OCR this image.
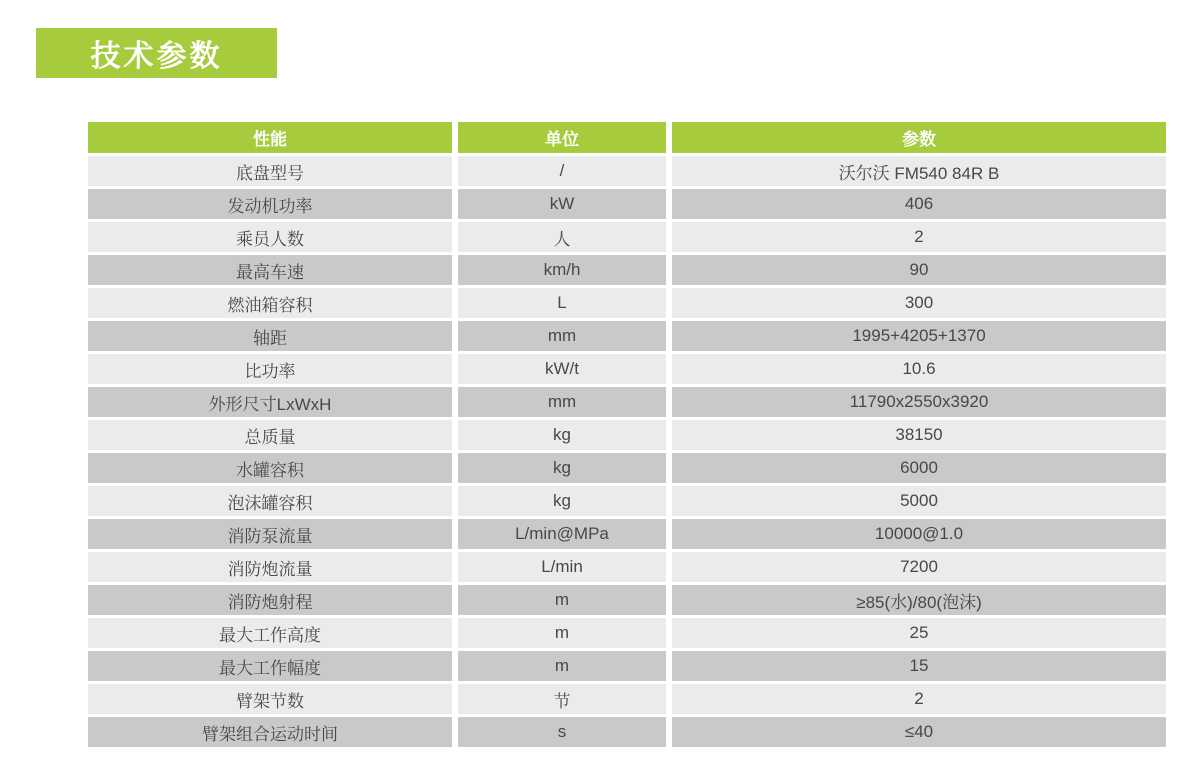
技术参数
性能	单位	参数
底盘型号	/	沃尔沃 FM540 84R B
发动机功率	kW	406
乘员人数	人	2
最高车速	km/h	90
燃油箱容积	L	300
轴距	mm	1995+4205+1370
比功率	kW/t	10.6
外形尺寸LxWxH	mm	11790x2550x3920
总质量	kg	38150
水罐容积	kg	6000
泡沫罐容积	kg	5000
消防泵流量	L/min@MPa	10000@1.0
消防炮流量	L/min	7200
消防炮射程	m	≥85(水)/80(泡沫)
最大工作高度	m	25
最大工作幅度	m	15
臂架节数	节	2
臂架组合运动时间	s	≤40
